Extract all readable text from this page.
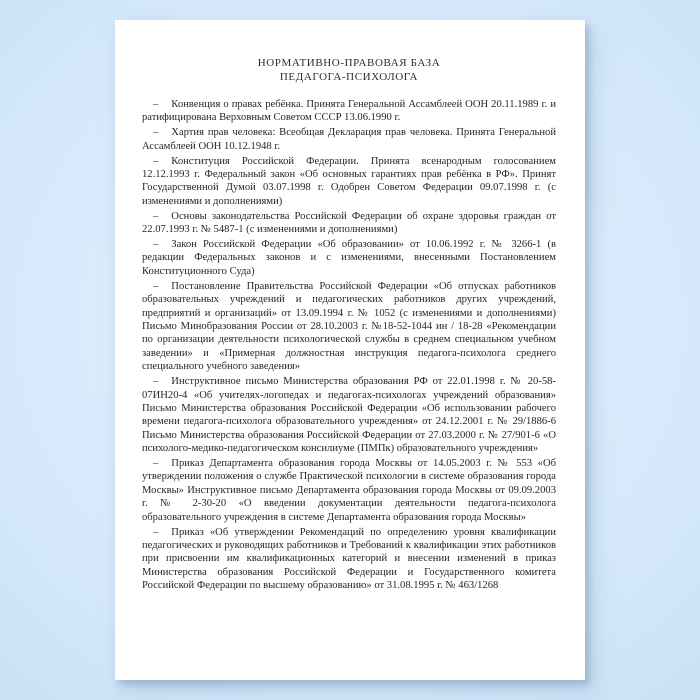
НОРМАТИВНО-ПРАВОВАЯ БАЗА
ПЕДАГОГА-ПСИХОЛОГА

– Конвенция о правах ребёнка. Принята Генеральной Ассамблеей ООН 20.11.1989 г. и ратифицирована Верховным Советом СССР 13.06.1990 г.

– Хартия прав человека: Всеобщая Декларация прав человека. Принята Генеральной Ассамблеей ООН 10.12.1948 г.

– Конституция Российской Федерации. Принята всенародным голосованием 12.12.1993 г. Федеральный закон «Об основных гарантиях прав ребёнка в РФ». Принят Государственной Думой 03.07.1998 г. Одобрен Советом Федерации 09.07.1998 г. (с изменениями и дополнениями)

– Основы законодательства Российской Федерации об охране здоровья граждан от 22.07.1993 г. № 5487-1 (с изменениями и дополнениями)

– Закон Российской Федерации «Об образовании» от 10.06.1992 г. № 3266-1 (в редакции Федеральных законов и с изменениями, внесенными Постановлением Конституционного Суда)

– Постановление Правительства Российской Федерации «Об отпусках работников образовательных учреждений и педагогических работников других учреждений, предприятий и организаций» от 13.09.1994 г. № 1052 (с изменениями и дополнениями) Письмо Минобразования России от 28.10.2003 г. №18-52-1044 ин / 18-28 «Рекомендации по организации деятельности психологической службы в среднем специальном учебном заведении» и «Примерная должностная инструкция педагога-психолога среднего специального учебного заведения»

– Инструктивное письмо Министерства образования РФ от 22.01.1998 г. № 20-58-07ИН20-4 «Об учителях-логопедах и педагогах-психологах учреждений образования» Письмо Министерства образования Российской Федерации «Об использовании рабочего времени педагога-психолога образовательного учреждения» от 24.12.2001 г. № 29/1886-6 Письмо Министерства образования Российской Федерации от 27.03.2000 г. № 27/901-6 «О психолого-медико-педагогическом консилиуме (ПМПк) образовательного учреждения»

– Приказ Департамента образования города Москвы от 14.05.2003 г. № 553 «Об утверждении положения о службе Практической психологии в системе образования города Москвы» Инструктивное письмо Департамента образования города Москвы от 09.09.2003 г. № 2-30-20 «О введении документации деятельности педагога-психолога образовательного учреждения в системе Департамента образования города Москвы»

– Приказ «Об утверждении Рекомендаций по определению уровня квалификации педагогических и руководящих работников и Требований к квалификации этих работников при присвоении им квалификационных категорий и внесении изменений в приказ Министерства образования Российской Федерации и Государственного комитета Российской Федерации по высшему образованию» от 31.08.1995 г. № 463/1268
